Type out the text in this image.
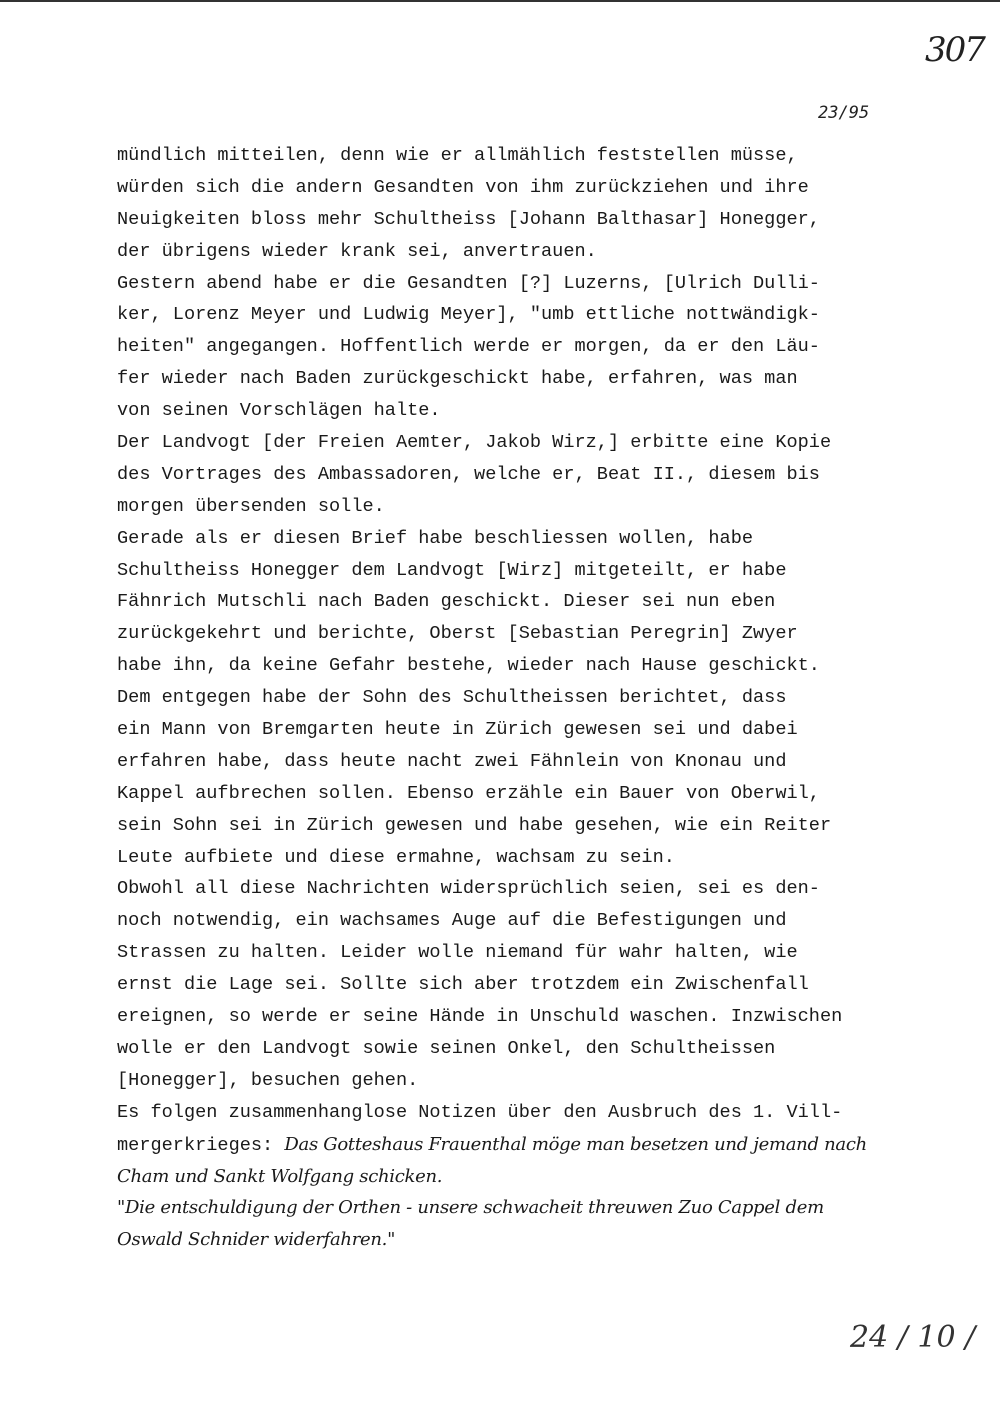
307
23/95
mündlich mitteilen, denn wie er allmählich feststellen müsse,
würden sich die andern Gesandten von ihm zurückziehen und ihre
Neuigkeiten bloss mehr Schultheiss [Johann Balthasar] Honegger,
der übrigens wieder krank sei, anvertrauen.
Gestern abend habe er die Gesandten [?] Luzerns, [Ulrich Dulli-
ker, Lorenz Meyer und Ludwig Meyer], "umb ettliche nottwändigk-
heiten" angegangen. Hoffentlich werde er morgen, da er den Läu-
fer wieder nach Baden zurückgeschickt habe, erfahren, was man
von seinen Vorschlägen halte.
Der Landvogt [der Freien Aemter, Jakob Wirz,] erbitte eine Kopie
des Vortrages des Ambassadoren, welche er, Beat II., diesem bis
morgen übersenden solle.
Gerade als er diesen Brief habe beschliessen wollen, habe
Schultheiss Honegger dem Landvogt [Wirz] mitgeteilt, er habe
Fähnrich Mutschli nach Baden geschickt. Dieser sei nun eben
zurückgekehrt und berichte, Oberst [Sebastian Peregrin] Zwyer
habe ihn, da keine Gefahr bestehe, wieder nach Hause geschickt.
Dem entgegen habe der Sohn des Schultheissen berichtet, dass
ein Mann von Bremgarten heute in Zürich gewesen sei und dabei
erfahren habe, dass heute nacht zwei Fähnlein von Knonau und
Kappel aufbrechen sollen. Ebenso erzähle ein Bauer von Oberwil,
sein Sohn sei in Zürich gewesen und habe gesehen, wie ein Reiter
Leute aufbiete und diese ermahne, wachsam zu sein.
Obwohl all diese Nachrichten widersprüchlich seien, sei es den-
noch notwendig, ein wachsames Auge auf die Befestigungen und
Strassen zu halten. Leider wolle niemand für wahr halten, wie
ernst die Lage sei. Sollte sich aber trotzdem ein Zwischenfall
ereignen, so werde er seine Hände in Unschuld waschen. Inzwischen
wolle er den Landvogt sowie seinen Onkel, den Schultheissen
[Honegger], besuchen gehen.
Es folgen zusammenhanglose Notizen über den Ausbruch des 1. Vill-
mergerkrieges: Das Gotteshaus Frauenthal möge man besetzen und jemand nach
Cham und Sankt Wolfgang schicken.
"Die entschuldigung der Orthen - unsere schwacheit threuwen Zuo Cappel dem
Oswald Schnider widerfahren."
24 / 10 /
